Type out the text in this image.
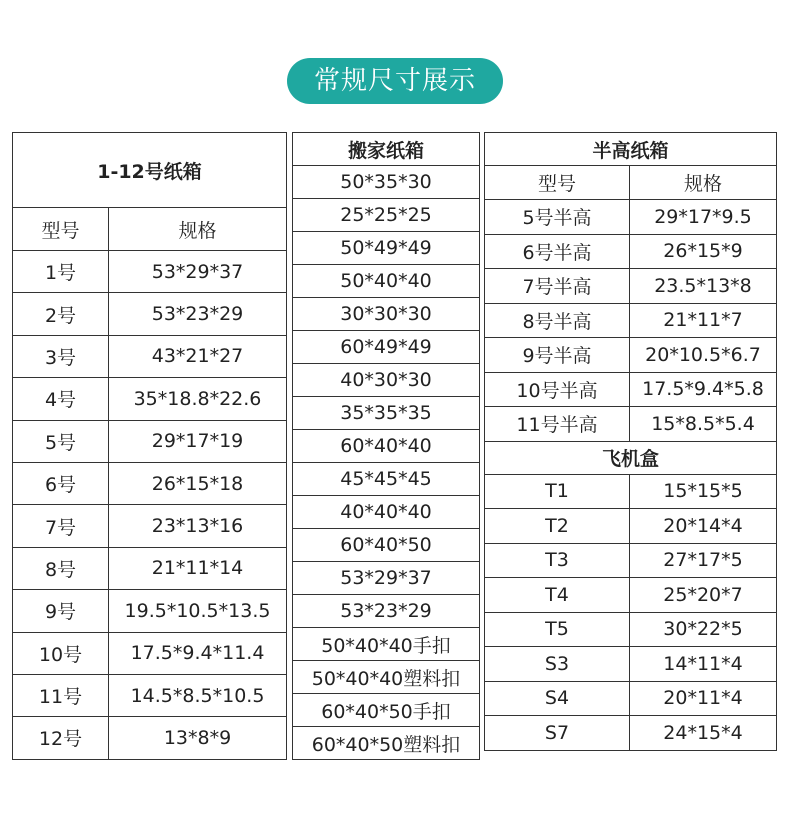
常规尺寸展示
1-12号纸箱	
型号	规格
1号	53*29*37
2号	53*23*29
3号	43*21*27
4号	35*18.8*22.6
5号	29*17*19
6号	26*15*18
7号	23*13*16
8号	21*11*14
9号	19.5*10.5*13.5
10号	17.5*9.4*11.4
11号	14.5*8.5*10.5
12号	13*8*9
搬家纸箱
50*35*30
25*25*25
50*49*49
50*40*40
30*30*30
60*49*49
40*30*30
35*35*35
60*40*40
45*45*45
40*40*40
60*40*50
53*29*37
53*23*29
50*40*40手扣
50*40*40塑料扣
60*40*50手扣
60*40*50塑料扣
半高纸箱	
型号	规格
5号半高	29*17*9.5
6号半高	26*15*9
7号半高	23.5*13*8
8号半高	21*11*7
9号半高	20*10.5*6.7
10号半高	17.5*9.4*5.8
11号半高	15*8.5*5.4
飞机盒	
T1	15*15*5
T2	20*14*4
T3	27*17*5
T4	25*20*7
T5	30*22*5
S3	14*11*4
S4	20*11*4
S7	24*15*4
